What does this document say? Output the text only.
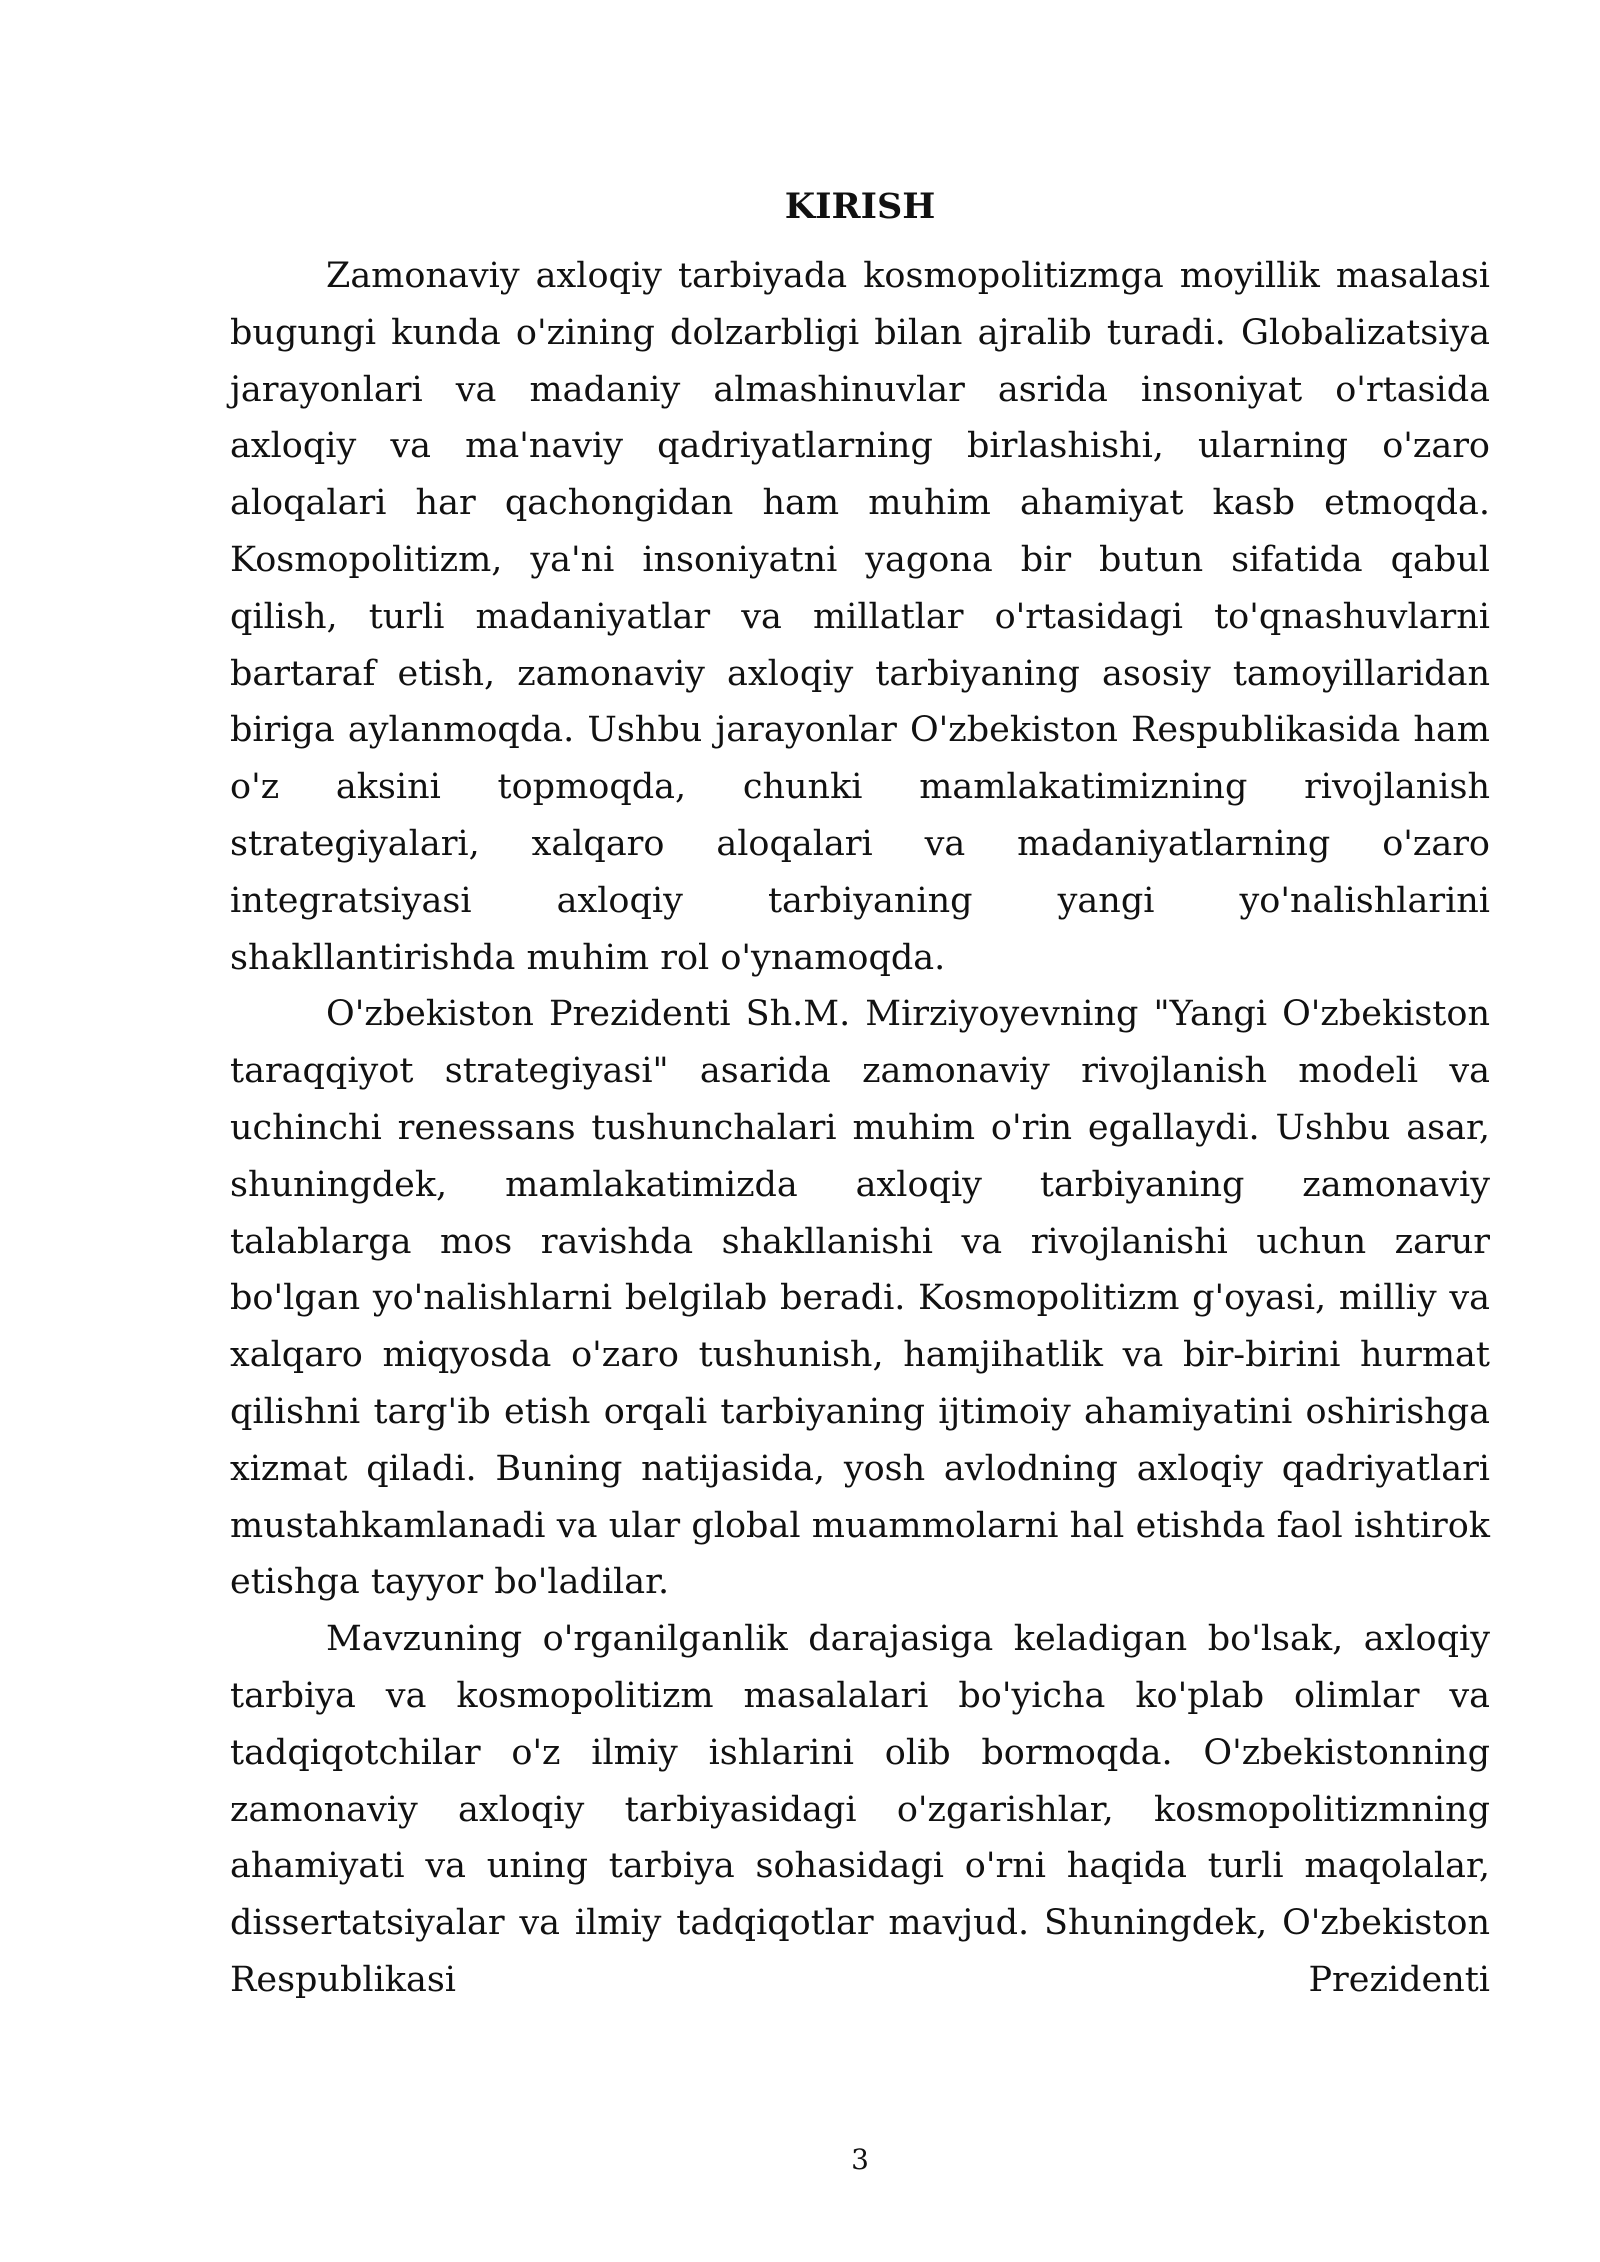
KIRISH

Zamonaviy axloqiy tarbiyada kosmopolitizmga moyillik masalasi bugungi kunda o'zining dolzarbligi bilan ajralib turadi. Globalizatsiya jarayonlari va madaniy almashinuvlar asrida insoniyat o'rtasida axloqiy va ma'naviy qadriyatlarning birlashishi, ularning o'zaro aloqalari har qachongidan ham muhim ahamiyat kasb etmoqda. Kosmopolitizm, ya'ni insoniyatni yagona bir butun sifatida qabul qilish, turli madaniyatlar va millatlar o'rtasidagi to'qnashuvlarni bartaraf etish, zamonaviy axloqiy tarbiyaning asosiy tamoyillaridan biriga aylanmoqda. Ushbu jarayonlar O'zbekiston Respublikasida ham o'z aksini topmoqda, chunki mamlakatimizning rivojlanish strategiyalari, xalqaro aloqalari va madaniyatlarning o'zaro integratsiyasi axloqiy tarbiyaning yangi yo'nalishlarini shakllantirishda muhim rol o'ynamoqda.

O'zbekiston Prezidenti Sh.M. Mirziyoyevning "Yangi O'zbekiston taraqqiyot strategiyasi" asarida zamonaviy rivojlanish modeli va uchinchi renessans tushunchalari muhim o'rin egallaydi. Ushbu asar, shuningdek, mamlakatimizda axloqiy tarbiyaning zamonaviy talablarga mos ravishda shakllanishi va rivojlanishi uchun zarur bo'lgan yo'nalishlarni belgilab beradi. Kosmopolitizm g'oyasi, milliy va xalqaro miqyosda o'zaro tushunish, hamjihatlik va bir-birini hurmat qilishni targ'ib etish orqali tarbiyaning ijtimoiy ahamiyatini oshirishga xizmat qiladi. Buning natijasida, yosh avlodning axloqiy qadriyatlari mustahkamlanadi va ular global muammolarni hal etishda faol ishtirok etishga tayyor bo'ladilar.

Mavzuning o'rganilganlik darajasiga keladigan bo'lsak, axloqiy tarbiya va kosmopolitizm masalalari bo'yicha ko'plab olimlar va tadqiqotchilar o'z ilmiy ishlarini olib bormoqda. O'zbekistonning zamonaviy axloqiy tarbiyasidagi o'zgarishlar, kosmopolitizmning ahamiyati va uning tarbiya sohasidagi o'rni haqida turli maqolalar, dissertatsiyalar va ilmiy tadqiqotlar mavjud. Shuningdek, O'zbekiston Respublikasi Prezidenti

3
